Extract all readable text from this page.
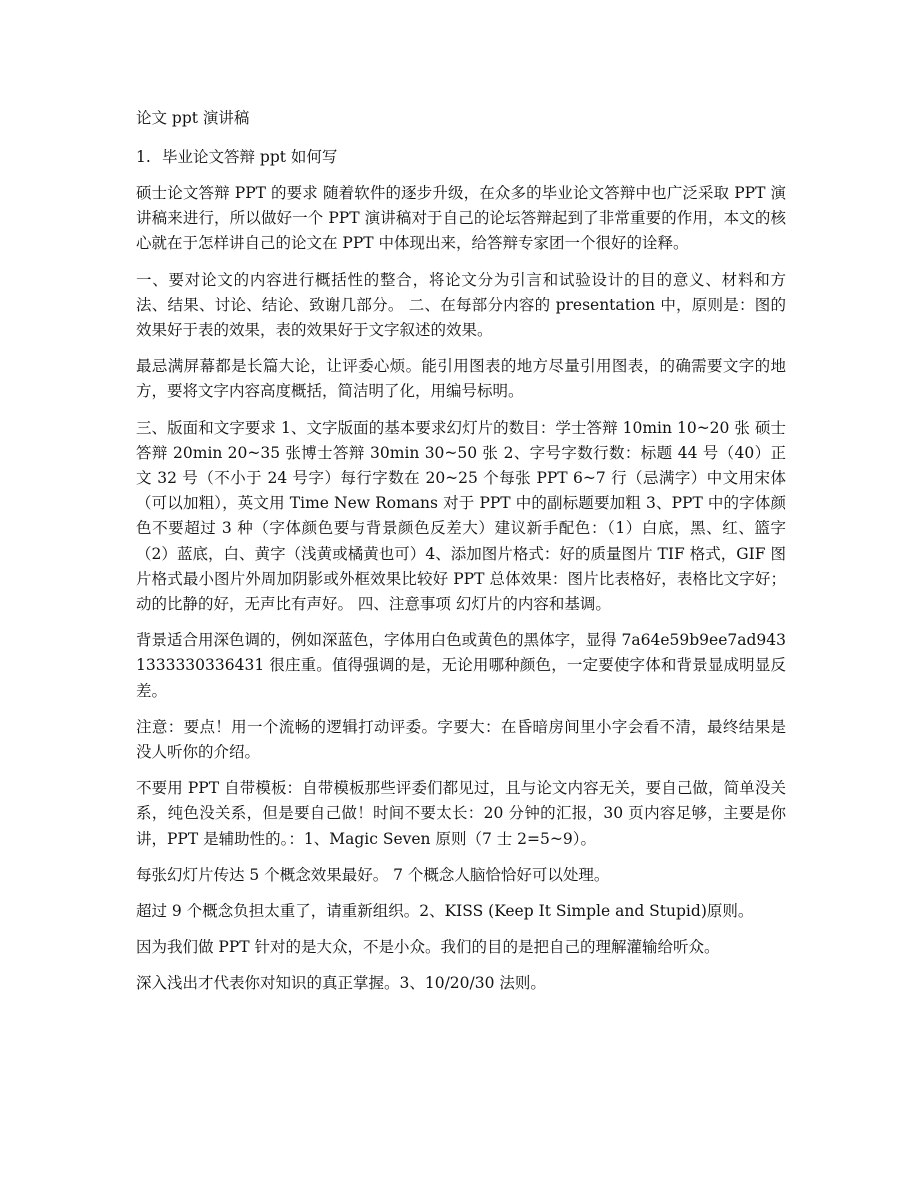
论文 ppt 演讲稿
1. 毕业论文答辩 ppt 如何写

硕士论文答辩 PPT 的要求 随着软件的逐步升级，在众多的毕业论文答辩中也广泛采取 PPT 演讲稿来进行，所以做好一个 PPT 演讲稿对于自己的论坛答辩起到了非常重要的作用，本文的核心就在于怎样讲自己的论文在 PPT 中体现出来，给答辩专家团一个很好的诠释。

一、要对论文的内容进行概括性的整合，将论文分为引言和试验设计的目的意义、材料和方法、结果、讨论、结论、致谢几部分。 二、在每部分内容的 presentation 中，原则是：图的效果好于表的效果，表的效果好于文字叙述的效果。

最忌满屏幕都是长篇大论，让评委心烦。能引用图表的地方尽量引用图表，的确需要文字的地方，要将文字内容高度概括，简洁明了化，用编号标明。

三、版面和文字要求 1、文字版面的基本要求幻灯片的数目：学士答辩 10min 10~20 张 硕士答辩 20min 20~35 张博士答辩 30min 30~50 张 2、字号字数行数：标题 44 号（40）正文 32 号（不小于 24 号字）每行字数在 20~25 个每张 PPT 6~7 行（忌满字）中文用宋体（可以加粗），英文用 Time New Romans 对于 PPT 中的副标题要加粗 3、PPT 中的字体颜色不要超过 3 种（字体颜色要与背景颜色反差大）建议新手配色：（1）白底，黑、红、篮字（2）蓝底，白、黄字（浅黄或橘黄也可）4、添加图片格式：好的质量图片 TIF 格式，GIF 图片格式最小图片外周加阴影或外框效果比较好 PPT 总体效果：图片比表格好，表格比文字好；动的比静的好，无声比有声好。 四、注意事项 幻灯片的内容和基调。

背景适合用深色调的，例如深蓝色，字体用白色或黄色的黑体字，显得 7a64e59b9ee7ad9431333330336431 很庄重。值得强调的是，无论用哪种颜色，一定要使字体和背景显成明显反差。

注意：要点！用一个流畅的逻辑打动评委。字要大：在昏暗房间里小字会看不清，最终结果是没人听你的介绍。

不要用 PPT 自带模板：自带模板那些评委们都见过，且与论文内容无关，要自己做，简单没关系，纯色没关系，但是要自己做！时间不要太长：20 分钟的汇报，30 页内容足够，主要是你讲，PPT 是辅助性的。：1、Magic Seven 原则（7 士 2=5~9）。

每张幻灯片传达 5 个概念效果最好。 7 个概念人脑恰恰好可以处理。

超过 9 个概念负担太重了，请重新组织。2、KISS (Keep It Simple and Stupid)原则。

因为我们做 PPT 针对的是大众，不是小众。我们的目的是把自己的理解灌输给听众。

深入浅出才代表你对知识的真正掌握。3、10/20/30 法则。
